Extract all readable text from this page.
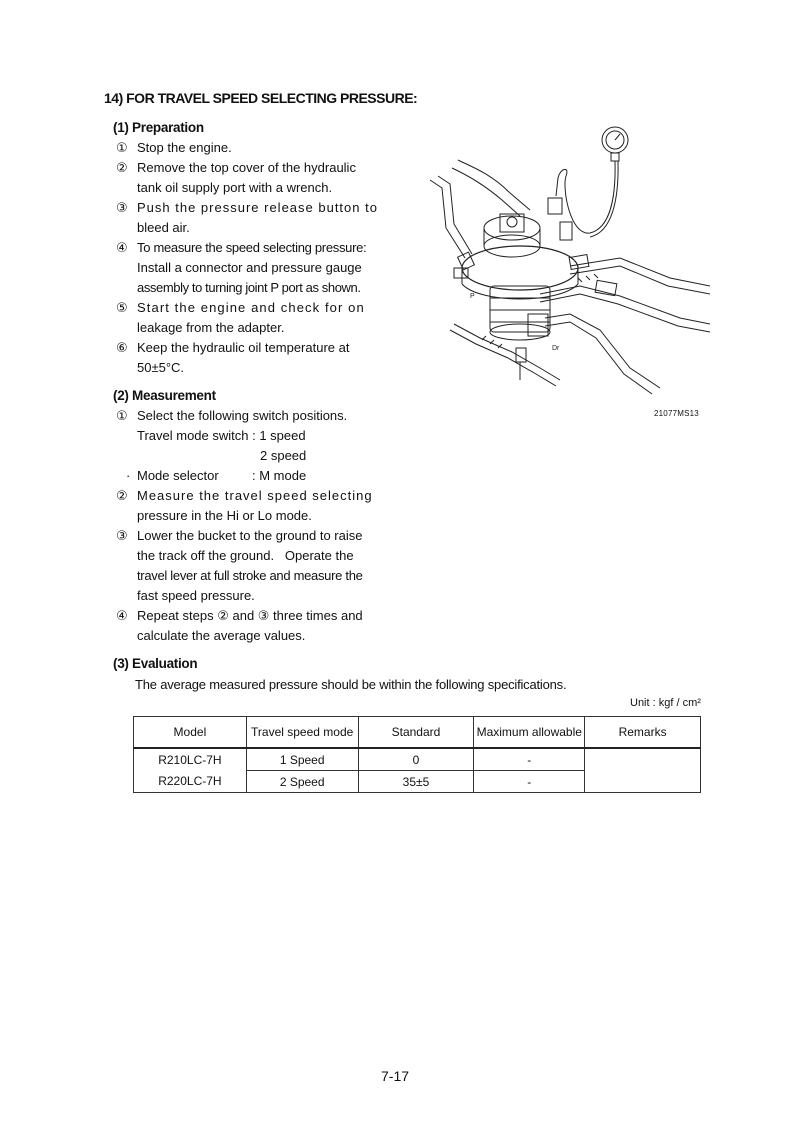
14) FOR TRAVEL SPEED SELECTING PRESSURE:
(1) Preparation
① Stop the engine.
② Remove the top cover of the hydraulic
tank oil supply port with a wrench.
③ Push the pressure release button to
bleed air.
④ To measure the speed selecting pressure:
Install a connector and pressure gauge
assembly to turning joint P port as shown.
⑤ Start the engine and check for on
leakage from the adapter.
⑥ Keep the hydraulic oil temperature at
50±5°C.
(2) Measurement
① Select the following switch positions.
Travel mode switch : 1 speed
2 speed
· Mode selector	: M mode
② Measure the travel speed selecting
pressure in the Hi or Lo mode.
③ Lower the bucket to the ground to raise
the track off the ground.   Operate the
travel lever at full stroke and measure the
fast speed pressure.
④ Repeat steps ② and ③ three times and
calculate the average values.
(3) Evaluation
The average measured pressure should be within the following specifications.
P
Dr
21077MS13
Unit : kgf / cm²
Model	Travel speed mode	Standard	Maximum allowable	Remarks
R210LC-7H	1 Speed	0	-	
R220LC-7H	2 Speed	35±5	-	
7-17
